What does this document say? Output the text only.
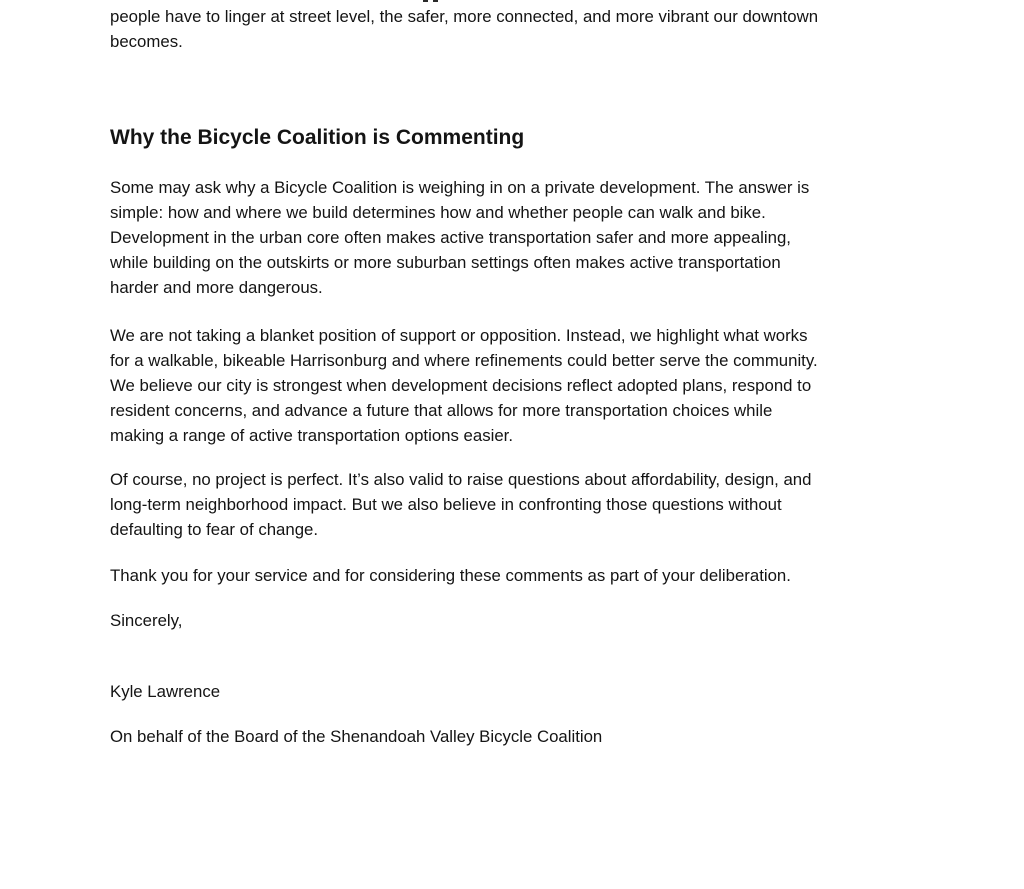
people have to linger at street level, the safer, more connected, and more vibrant our downtown
becomes.
Why the Bicycle Coalition is Commenting
Some may ask why a Bicycle Coalition is weighing in on a private development. The answer is
simple: how and where we build determines how and whether people can walk and bike.
Development in the urban core often makes active transportation safer and more appealing,
while building on the outskirts or more suburban settings often makes active transportation
harder and more dangerous.
We are not taking a blanket position of support or opposition. Instead, we highlight what works
for a walkable, bikeable Harrisonburg and where refinements could better serve the community.
We believe our city is strongest when development decisions reflect adopted plans, respond to
resident concerns, and advance a future that allows for more transportation choices while
making a range of active transportation options easier.
Of course, no project is perfect. It’s also valid to raise questions about affordability, design, and
long-term neighborhood impact. But we also believe in confronting those questions without
defaulting to fear of change.
Thank you for your service and for considering these comments as part of your deliberation.
Sincerely,
Kyle Lawrence
On behalf of the Board of the Shenandoah Valley Bicycle Coalition
